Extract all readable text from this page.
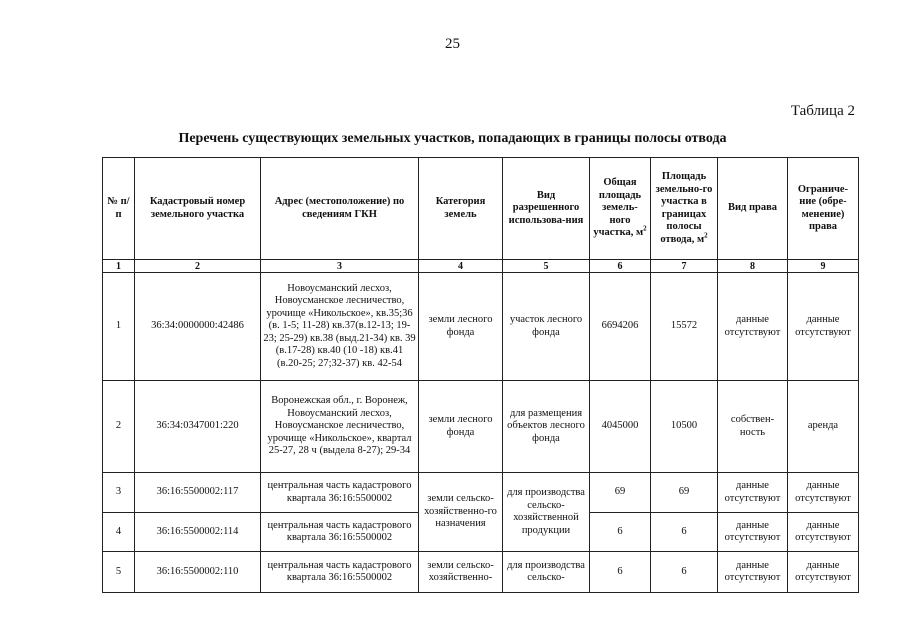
25
Таблица 2
Перечень существующих земельных участков, попадающих в границы полосы отвода
№ п/п	Кадастровый номер земельного участка	Адрес (местоположение) по сведениям ГКН	Категория земель	Вид разрешенного использова-ния	Общая площадь земель-ного участка, $м^2$	Площадь земельно-го участка в границах полосы отвода, $м^2$	Вид права	Ограниче-ние (обре-менение) права
1	2	3	4	5	6	7	8	9
1	36:34:0000000:42486	Новоусманский лесхоз, Новоусманское лесничество, урочище «Никольское», кв.35;36 (в. 1-5; 11-28) кв.37(в.12-13; 19-23; 25-29) кв.38 (выд.21-34) кв. 39 (в.17-28) кв.40 (10 -18) кв.41 (в.20-25; 27;32-37) кв. 42-54	земли лесного фонда	участок лесного фонда	6694206	15572	данные отсутствуют	данные отсутствуют
2	36:34:0347001:220	Воронежская обл., г. Воронеж, Новоусманский лесхоз, Новоусманское лесничество, урочище «Никольское», квартал 25-27, 28 ч (выдела 8-27); 29-34	земли лесного фонда	для размещения объектов лесного фонда	4045000	10500	собствен-ность	аренда
3	36:16:5500002:117	центральная часть кадастрового квартала 36:16:5500002	земли сельско-хозяйственно-го назначения	для производства сельско-хозяйственной продукции	69	69	данные отсутствуют	данные отсутствуют
4	36:16:5500002:114	центральная часть кадастрового квартала 36:16:5500002			6	6	данные отсутствуют	данные отсутствуют
5	36:16:5500002:110	центральная часть кадастрового квартала 36:16:5500002	земли сельско-хозяйственно-	для производства сельско-	6	6	данные отсутствуют	данные отсутствуют
